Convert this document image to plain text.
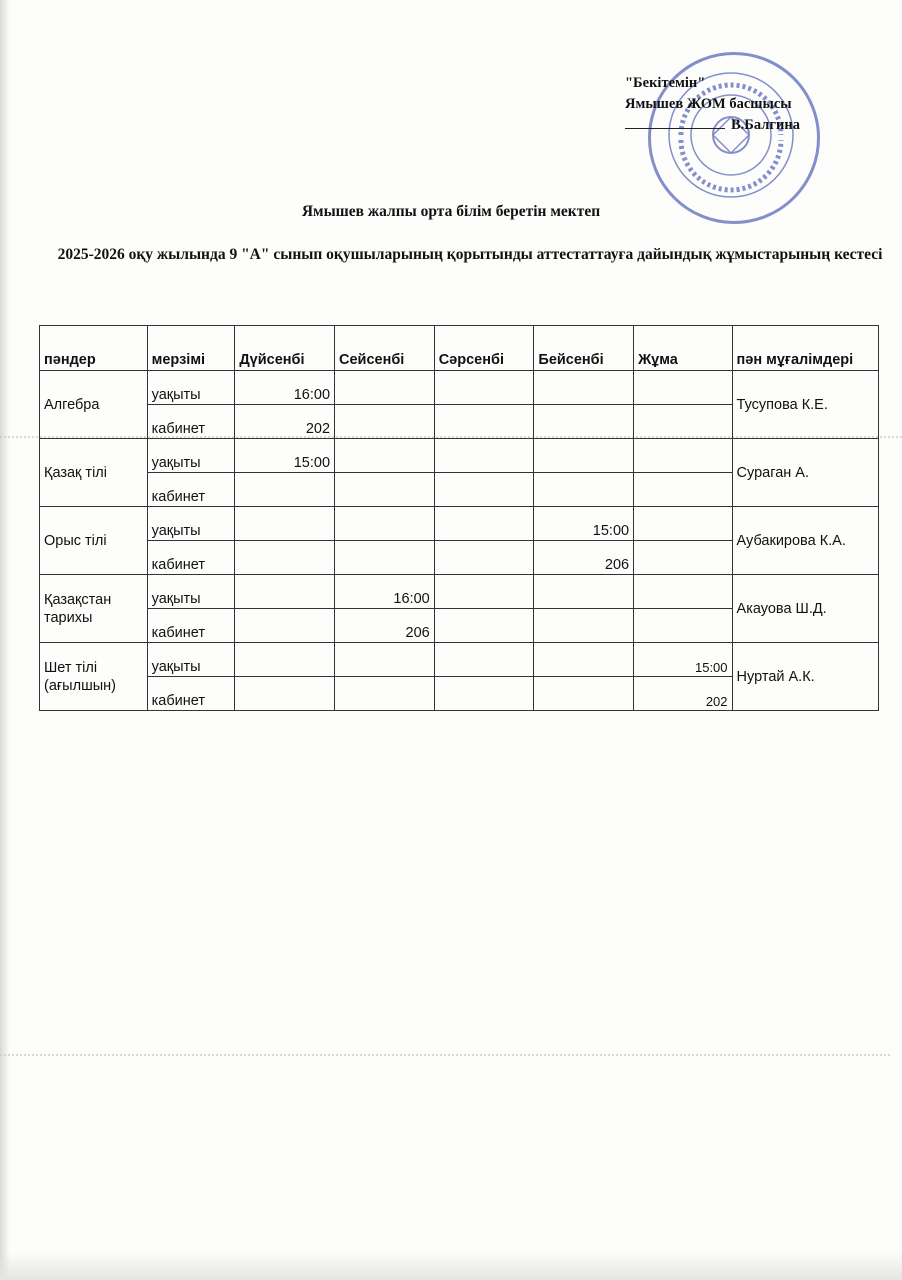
"Бекітемін"
Ямышев ЖОМ басшысы
В.Балгина
Ямышев жалпы орта білім беретін мектеп
2025-2026 оқу жылында 9 "А" сынып оқушыларының қорытынды аттестаттауға дайындық жұмыстарының кестесі
пәндер	мерзімі	Дүйсенбі	Сейсенбі	Сәрсенбі	Бейсенбі	Жұма	пән мұғалімдері
Алгебра	уақыты	16:00					Тусупова К.Е.
	кабинет	202					
Қазақ тілі	уақыты	15:00					Сураган А.
	кабинет						
Орыс тілі	уақыты				15:00		Аубакирова К.А.
	кабинет				206		
Қазақстан тарихы	уақыты		16:00				Акауова Ш.Д.
	кабинет		206				
Шет тілі (ағылшын)	уақыты					15:00	Нуртай А.К.
	кабинет					202	
